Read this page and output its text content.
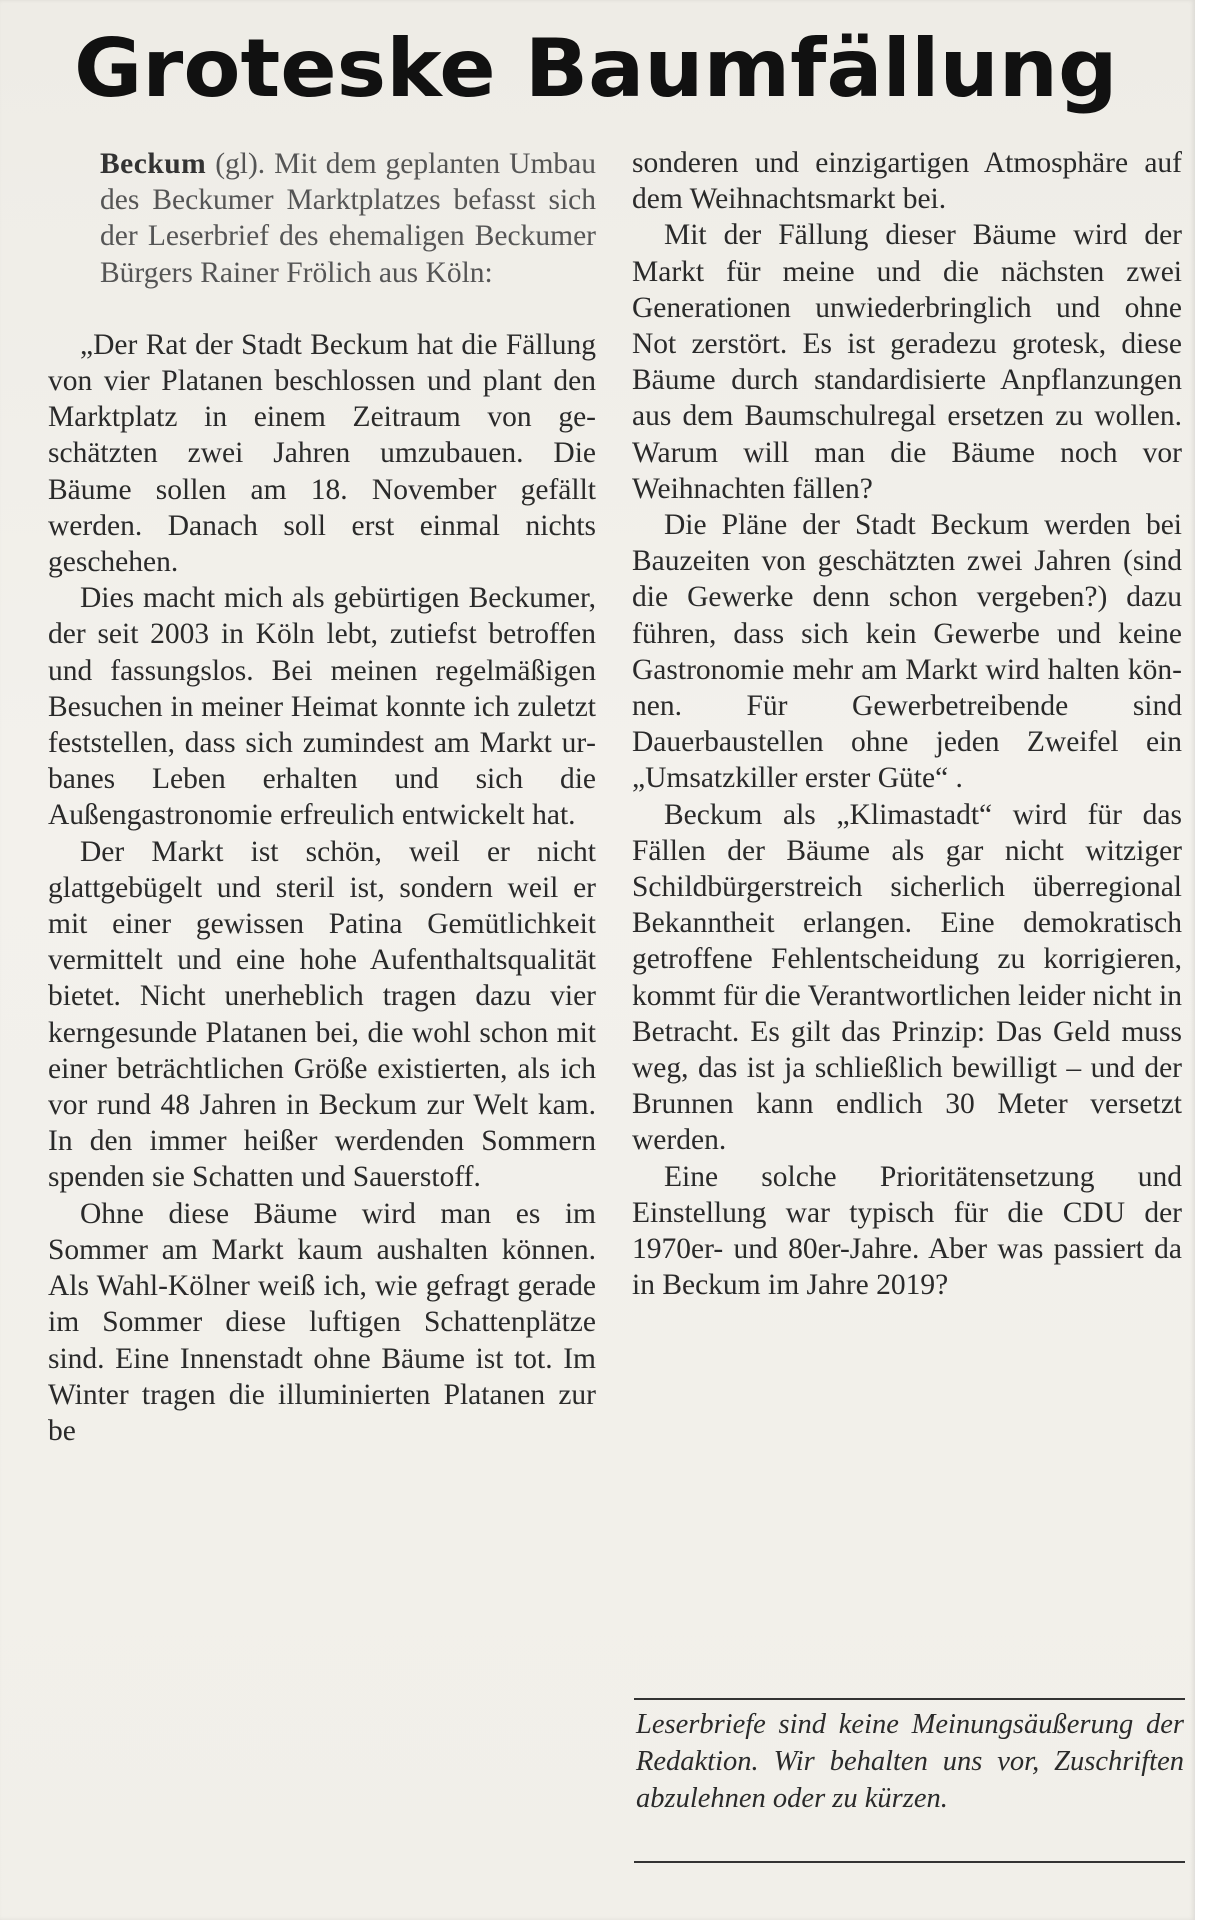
Groteske Baumfällung

Beckum (gl). Mit dem geplanten Umbau des Beckumer Marktplatzes befasst sich der Leserbrief des ehemaligen Beckumer Bürgers Rainer Frölich aus Köln:

„Der Rat der Stadt Beckum hat die Fällung von vier Platanen beschlossen und plant den Marktplatz in einem Zeitraum von geschätzten zwei Jahren umzubauen. Die Bäume sollen am 18. November gefällt werden. Danach soll erst einmal nichts geschehen.

Dies macht mich als gebürtigen Beckumer, der seit 2003 in Köln lebt, zutiefst betroffen und fassungslos. Bei meinen regelmäßigen Besuchen in meiner Heimat konnte ich zuletzt feststellen, dass sich zumindest am Markt urbanes Leben erhalten und sich die Außengastronomie erfreulich entwickelt hat.

Der Markt ist schön, weil er nicht glattgebügelt und steril ist, sondern weil er mit einer gewissen Patina Gemütlichkeit vermittelt und eine hohe Aufenthaltsqualität bietet. Nicht unerheblich tragen dazu vier kerngesunde Platanen bei, die wohl schon mit einer beträchtlichen Größe existierten, als ich vor rund 48 Jahren in Beckum zur Welt kam. In den immer heißer werdenden Sommern spenden sie Schatten und Sauerstoff.

Ohne diese Bäume wird man es im Sommer am Markt kaum aushalten können. Als Wahl-Kölner weiß ich, wie gefragt gerade im Sommer diese luftigen Schattenplätze sind. Eine Innenstadt ohne Bäume ist tot. Im Winter tragen die illuminierten Platanen zur be

sonderen und einzigartigen Atmosphäre auf dem Weihnachtsmarkt bei.

Mit der Fällung dieser Bäume wird der Markt für meine und die nächsten zwei Generationen unwiederbringlich und ohne Not zerstört. Es ist geradezu grotesk, diese Bäume durch standardisierte Anpflanzungen aus dem Baumschulregal ersetzen zu wollen. Warum will man die Bäume noch vor Weihnachten fällen?

Die Pläne der Stadt Beckum werden bei Bauzeiten von geschätzten zwei Jahren (sind die Gewerke denn schon vergeben?) dazu führen, dass sich kein Gewerbe und keine Gastronomie mehr am Markt wird halten können. Für Gewerbetreibende sind Dauerbaustellen ohne jeden Zweifel ein „Umsatzkiller erster Güte“ .

Beckum als „Klimastadt“ wird für das Fällen der Bäume als gar nicht witziger Schildbürgerstreich sicherlich überregional Bekanntheit erlangen. Eine demokratisch getroffene Fehlentscheidung zu korrigieren, kommt für die Verantwortlichen leider nicht in Betracht. Es gilt das Prinzip: Das Geld muss weg, das ist ja schließlich bewilligt – und der Brunnen kann endlich 30 Meter versetzt werden.

Eine solche Prioritätensetzung und Einstellung war typisch für die CDU der 1970er- und 80er-Jahre. Aber was passiert da in Beckum im Jahre 2019?

Leserbriefe sind keine Meinungsäußerung der Redaktion. Wir behalten uns vor, Zuschriften abzulehnen oder zu kürzen.
